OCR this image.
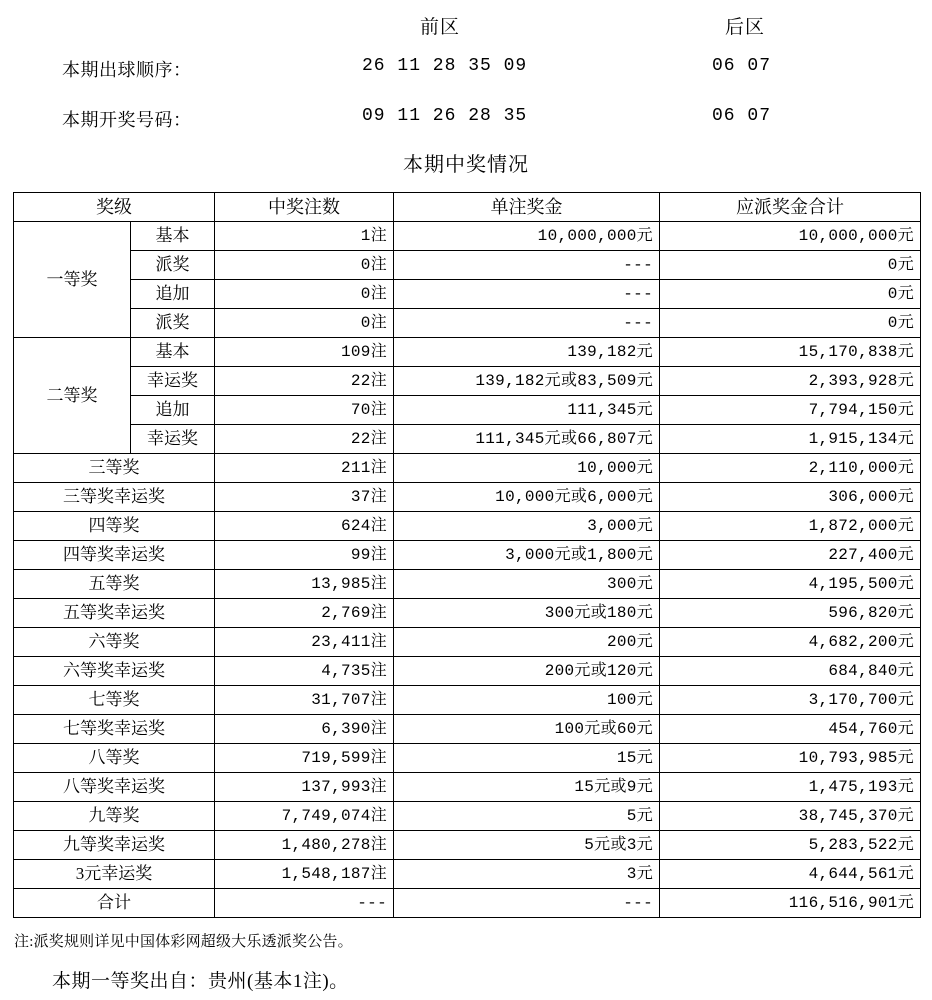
前区	后区
本期出球顺序：	26 11 28 35 09	06 07
本期开奖号码：	09 11 26 28 35	06 07
本期中奖情况
奖级		中奖注数	单注奖金	应派奖金合计
一等奖	基本	1注	10,000,000元	10,000,000元
	派奖	0注	---	0元
	追加	0注	---	0元
	派奖	0注	---	0元
二等奖	基本	109注	139,182元	15,170,838元
	幸运奖	22注	139,182元或83,509元	2,393,928元
	追加	70注	111,345元	7,794,150元
	幸运奖	22注	111,345元或66,807元	1,915,134元
三等奖		211注	10,000元	2,110,000元
三等奖幸运奖		37注	10,000元或6,000元	306,000元
四等奖		624注	3,000元	1,872,000元
四等奖幸运奖		99注	3,000元或1,800元	227,400元
五等奖		13,985注	300元	4,195,500元
五等奖幸运奖		2,769注	300元或180元	596,820元
六等奖		23,411注	200元	4,682,200元
六等奖幸运奖		4,735注	200元或120元	684,840元
七等奖		31,707注	100元	3,170,700元
七等奖幸运奖		6,390注	100元或60元	454,760元
八等奖		719,599注	15元	10,793,985元
八等奖幸运奖		137,993注	15元或9元	1,475,193元
九等奖		7,749,074注	5元	38,745,370元
九等奖幸运奖		1,480,278注	5元或3元	5,283,522元
3元幸运奖		1,548,187注	3元	4,644,561元
合计		---	---	116,516,901元
注:派奖规则详见中国体彩网超级大乐透派奖公告。
本期一等奖出自：贵州(基本1注)。
